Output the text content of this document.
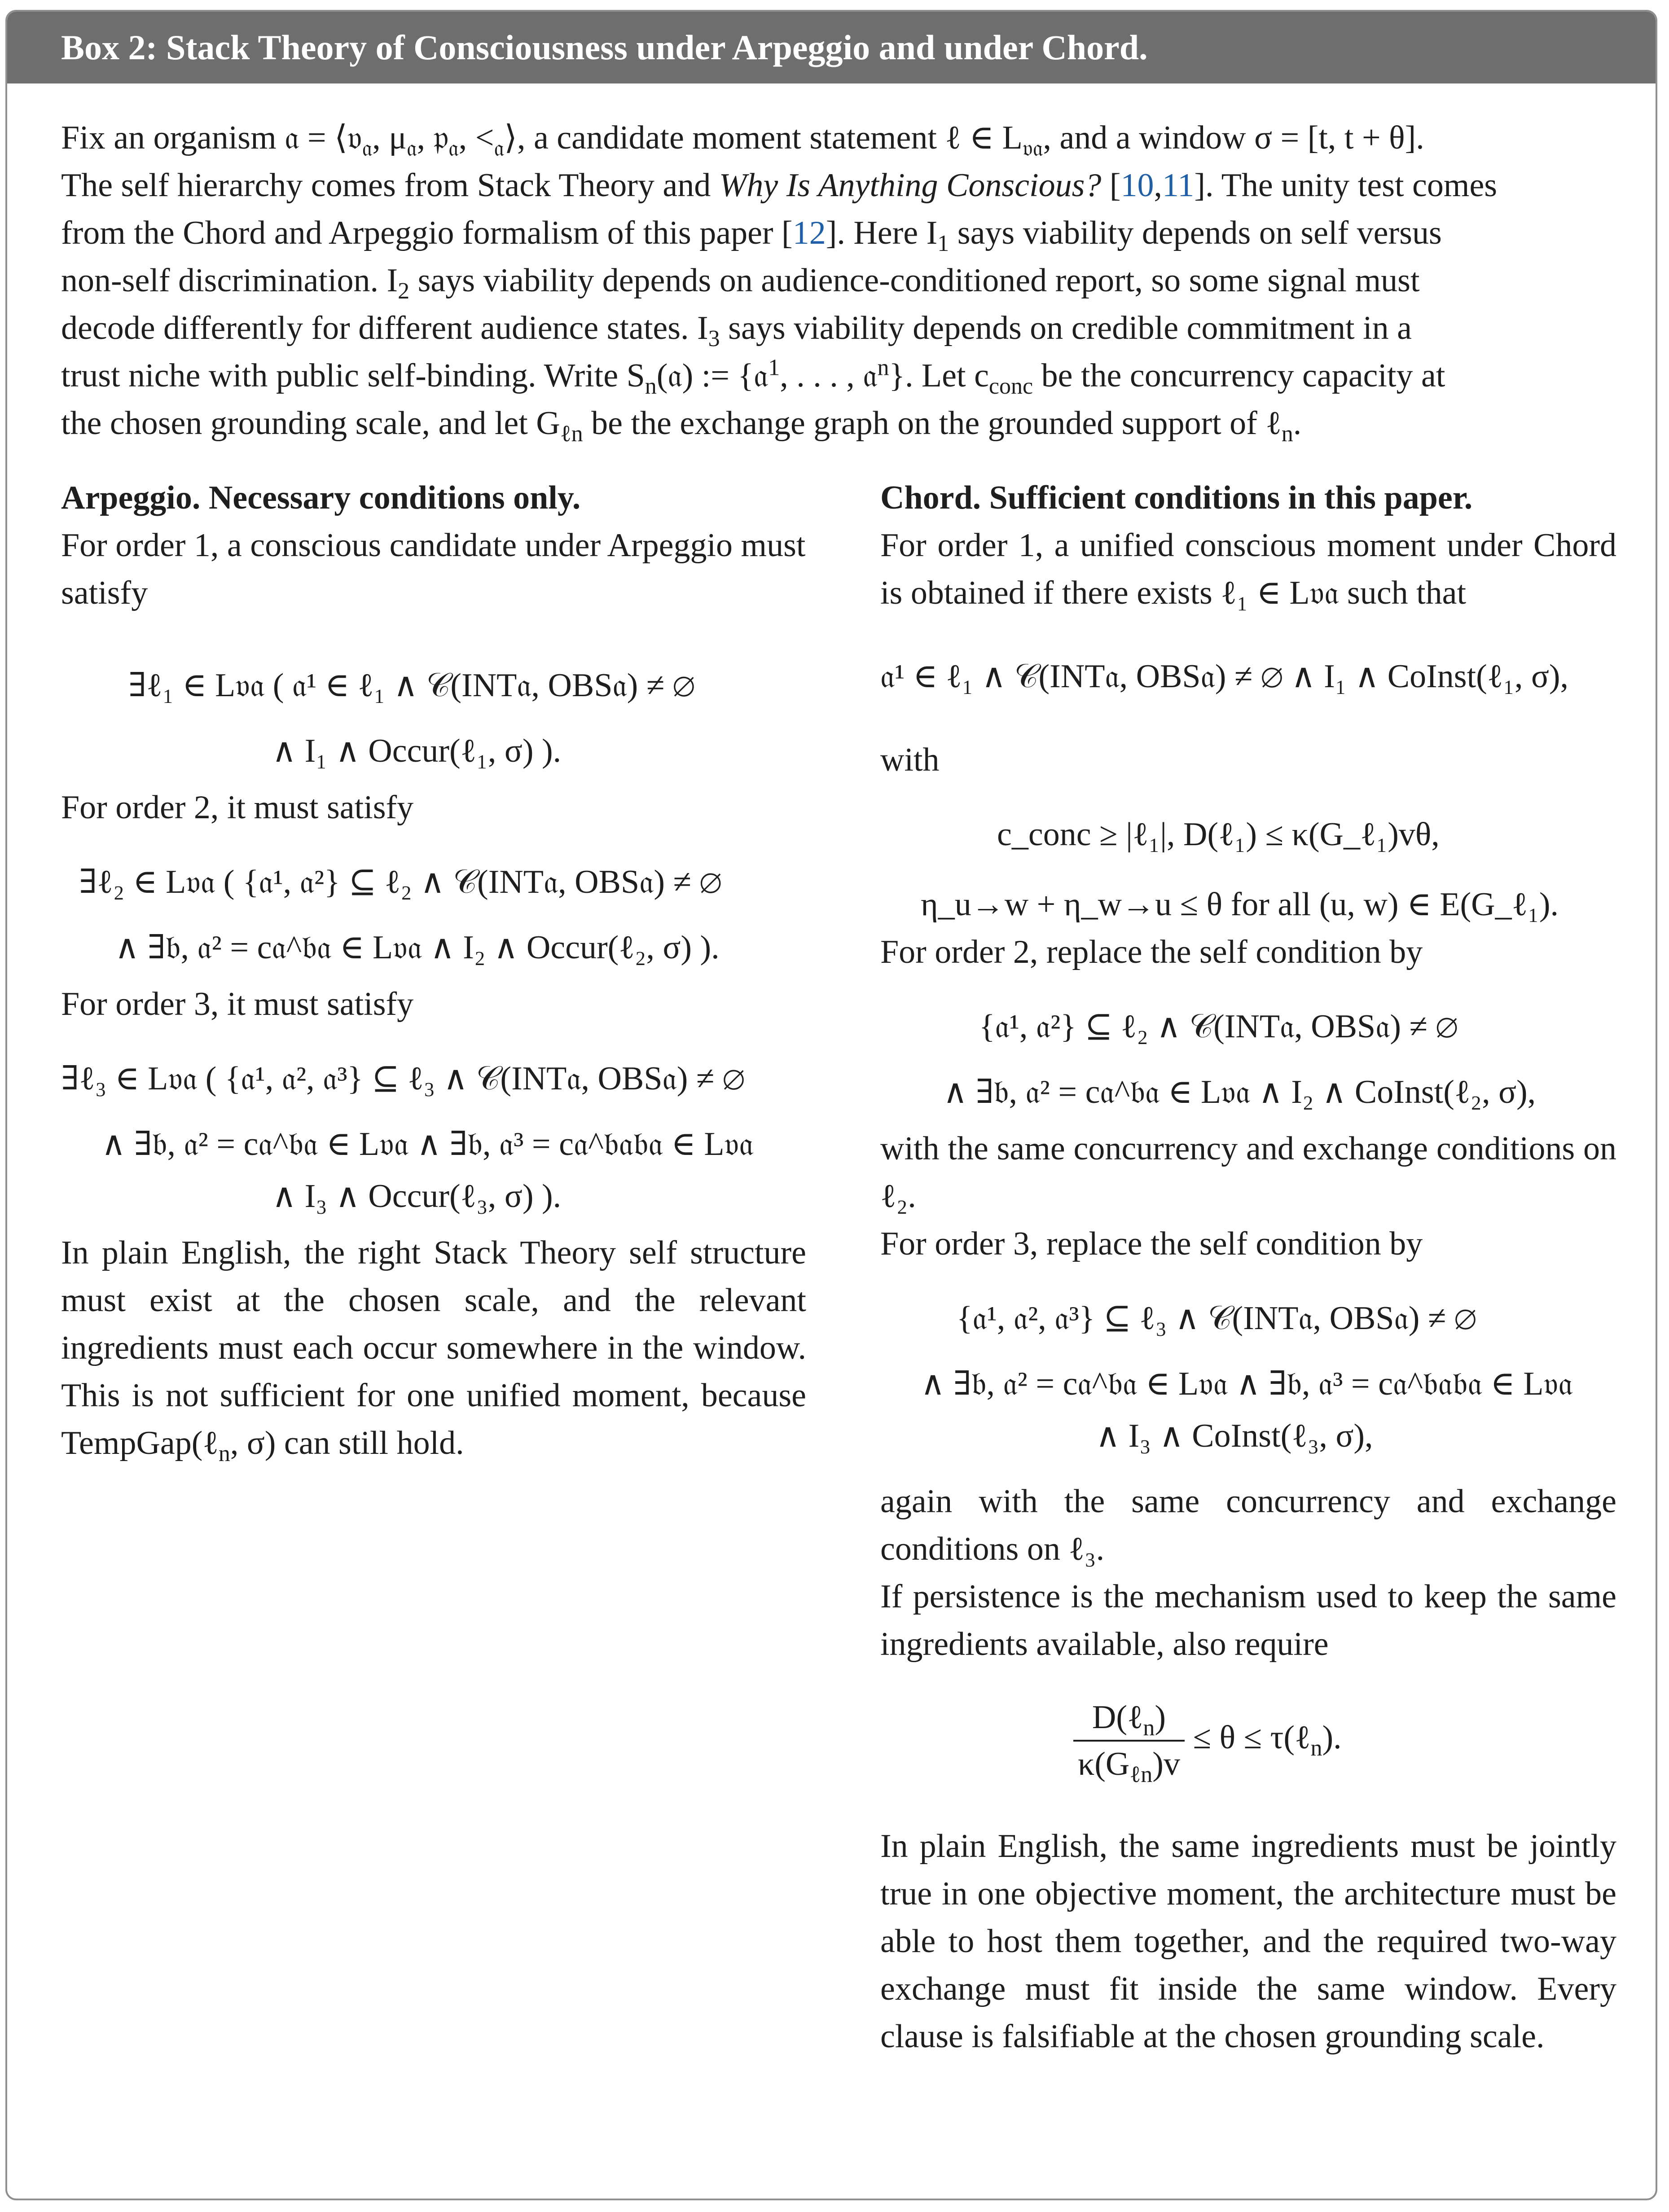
Box 2: Stack Theory of Consciousness under Arpeggio and under Chord.

Fix an organism 𝔞 = ⟨𝔳$_𝔞$, $\mu_𝔞$, 𝔭$_𝔞$, $<_𝔞⟩$, a candidate moment statement ℓ ∈ $L_{𝔳𝔞}$, and a window σ = [t, t + θ].

The self hierarchy comes from Stack Theory and Why Is Anything Conscious? [10,11]. The unity test comes

from the Chord and Arpeggio formalism of this paper [12]. Here $I_1$ says viability depends on self versus

non-self discrimination. $I_2$ says viability depends on audience-conditioned report, so some signal must

decode differently for different audience states. $I_3$ says viability depends on credible commitment in a

trust niche with public self-binding. Write $S_n(𝔞)$ := {𝔞$^1$, . . . , 𝔞$^n$}. Let $c_{conc}$ be the concurrency capacity at

the chosen grounding scale, and let $G_{\ell n}$ be the exchange graph on the grounded support of ℓ$_n$.

Arpeggio. Necessary conditions only.

For order 1, a conscious candidate under Arpeggio must satisfy

∃ℓ₁ ∈ L𝔳𝔞 ( 𝔞¹ ∈ ℓ₁ ∧ 𝒞(INT𝔞, OBS𝔞) ≠ ∅

∧ I₁ ∧ Occur(ℓ₁, σ) ).

For order 2, it must satisfy

∃ℓ₂ ∈ L𝔳𝔞 ( {𝔞¹, 𝔞²} ⊆ ℓ₂ ∧ 𝒞(INT𝔞, OBS𝔞) ≠ ∅

∧ ∃𝔟, 𝔞² = c𝔞^𝔟𝔞 ∈ L𝔳𝔞 ∧ I₂ ∧ Occur(ℓ₂, σ) ).

For order 3, it must satisfy

∃ℓ₃ ∈ L𝔳𝔞 ( {𝔞¹, 𝔞², 𝔞³} ⊆ ℓ₃ ∧ 𝒞(INT𝔞, OBS𝔞) ≠ ∅

∧ ∃𝔟, 𝔞² = c𝔞^𝔟𝔞 ∈ L𝔳𝔞 ∧ ∃𝔟, 𝔞³ = c𝔞^𝔟𝔞𝔟𝔞 ∈ L𝔳𝔞

∧ I₃ ∧ Occur(ℓ₃, σ) ).

In plain English, the right Stack Theory self structure must exist at the chosen scale, and the relevant ingredients must each occur somewhere in the window. This is not sufficient for one unified moment, because TempGap(ℓ$_n$, σ) can still hold.

Chord. Sufficient conditions in this paper.

For order 1, a unified conscious moment under Chord is obtained if there exists ℓ₁ ∈ L𝔳𝔞 such that

𝔞¹ ∈ ℓ₁ ∧ 𝒞(INT𝔞, OBS𝔞) ≠ ∅ ∧ I₁ ∧ CoInst(ℓ₁, σ),

with

c_conc ≥ |ℓ₁|, D(ℓ₁) ≤ κ(G_ℓ₁)vθ,

η_u→w + η_w→u ≤ θ for all (u, w) ∈ E(G_ℓ₁).

For order 2, replace the self condition by

{𝔞¹, 𝔞²} ⊆ ℓ₂ ∧ 𝒞(INT𝔞, OBS𝔞) ≠ ∅

∧ ∃𝔟, 𝔞² = c𝔞^𝔟𝔞 ∈ L𝔳𝔞 ∧ I₂ ∧ CoInst(ℓ₂, σ),

with the same concurrency and exchange conditions on ℓ₂.

For order 3, replace the self condition by

{𝔞¹, 𝔞², 𝔞³} ⊆ ℓ₃ ∧ 𝒞(INT𝔞, OBS𝔞) ≠ ∅

∧ ∃𝔟, 𝔞² = c𝔞^𝔟𝔞 ∈ L𝔳𝔞 ∧ ∃𝔟, 𝔞³ = c𝔞^𝔟𝔞𝔟𝔞 ∈ L𝔳𝔞

∧ I₃ ∧ CoInst(ℓ₃, σ),

again with the same concurrency and exchange conditions on ℓ₃.

If persistence is the mechanism used to keep the same ingredients available, also require

$\frac{D(\ell_n)}{\kappa(G_{\ell n})v} \le \theta$ ≤ τ(ℓ$_n$).

In plain English, the same ingredients must be jointly true in one objective moment, the architecture must be able to host them together, and the required two-way exchange must fit inside the same window. Every clause is falsifiable at the chosen grounding scale.
